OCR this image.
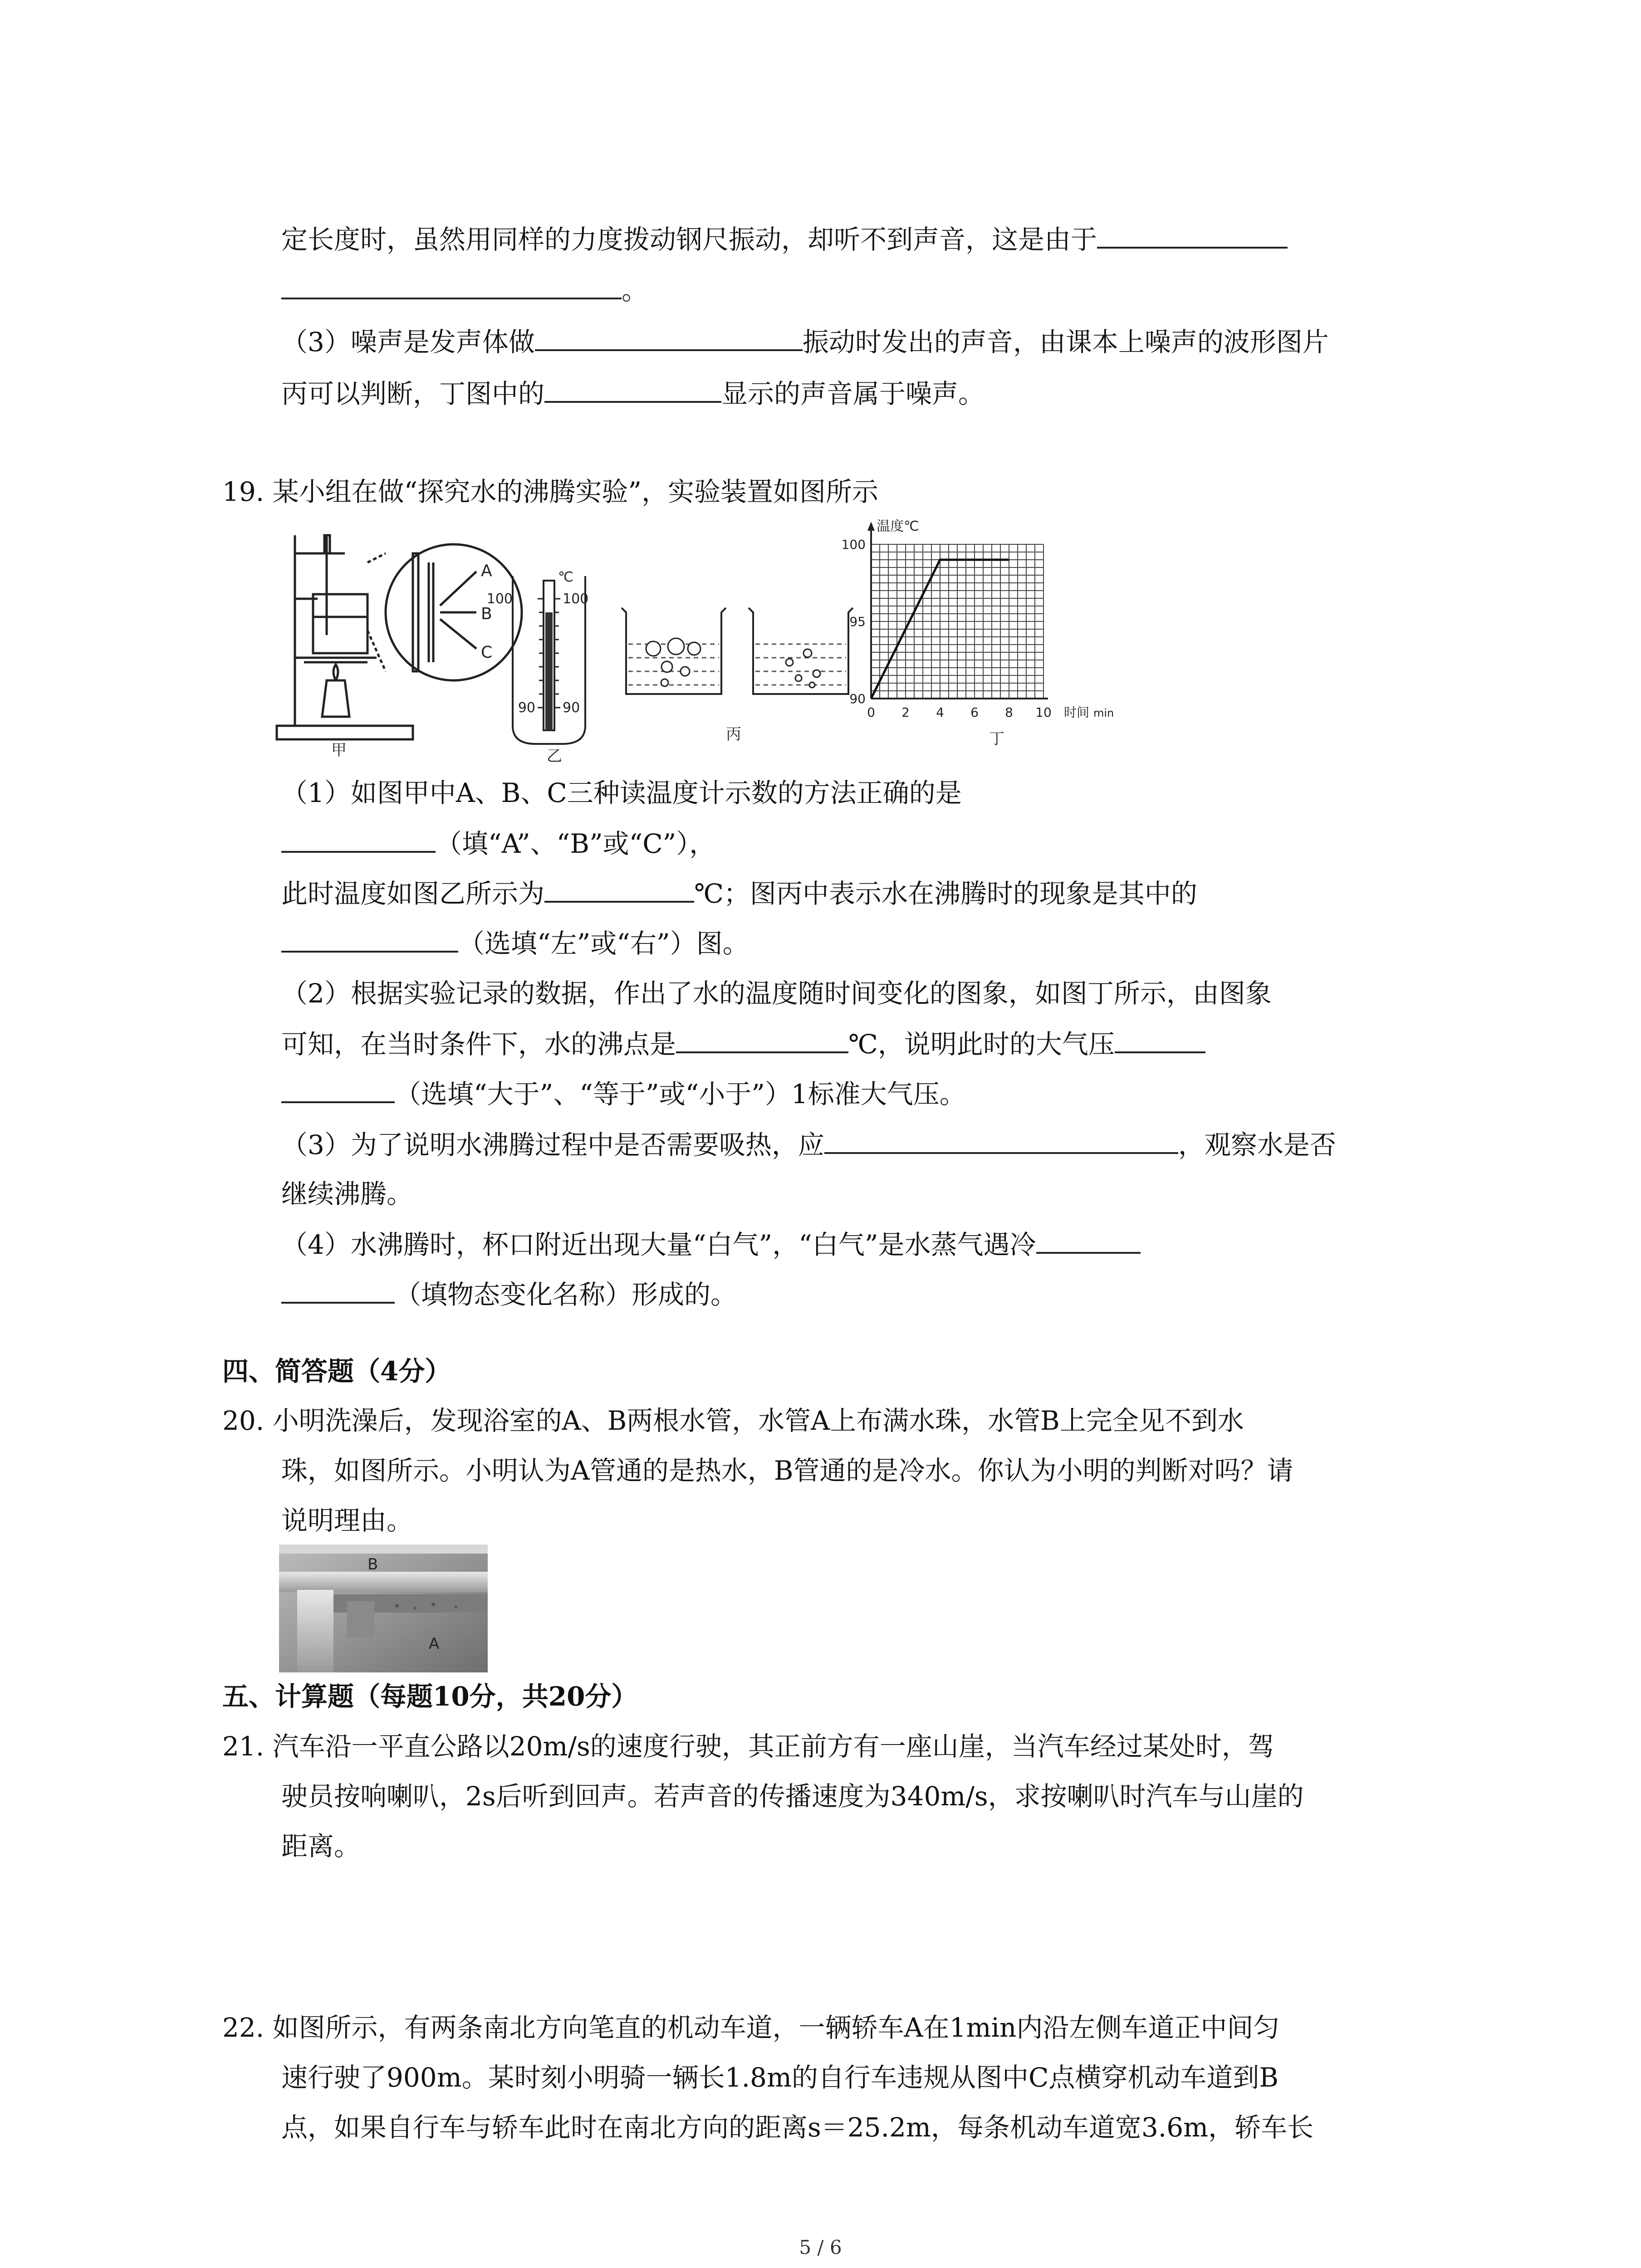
定长度时，虽然用同样的力度拨动钢尺振动，却听不到声音，这是由于
。
（3）噪声是发声体做	振动时发出的声音，由课本上噪声的波形图片
丙可以判断，丁图中的	显示的声音属于噪声。
19. 某小组在做“探究水的沸腾实验”，实验装置如图所示
A
B
C
甲
℃
100	100
90 90
乙
丙
100
95
90
0 2 4 6 8 10
温度℃
时间 min
丁
（1）如图甲中A、B、C三种读温度计示数的方法正确的是
（填“A”、“B”或“C”），
此时温度如图乙所示为	℃；图丙中表示水在沸腾时的现象是其中的
（选填“左”或“右”）图。
（2）根据实验记录的数据，作出了水的温度随时间变化的图象，如图丁所示，由图象
可知，在当时条件下，水的沸点是	℃，说明此时的大气压
（选填“大于”、“等于”或“小于”）1标准大气压。
（3）为了说明水沸腾过程中是否需要吸热，应	，观察水是否
继续沸腾。
（4）水沸腾时，杯口附近出现大量“白气”，“白气”是水蒸气遇冷
（填物态变化名称）形成的。
四、简答题（4分）
20. 小明洗澡后，发现浴室的A、B两根水管，水管A上布满水珠，水管B上完全见不到水
珠，如图所示。小明认为A管通的是热水，B管通的是冷水。你认为小明的判断对吗？请
说明理由。
B
A
五、计算题（每题10分，共20分）
21. 汽车沿一平直公路以20m/s的速度行驶，其正前方有一座山崖，当汽车经过某处时，驾
驶员按响喇叭，2s后听到回声。若声音的传播速度为340m/s，求按喇叭时汽车与山崖的
距离。
22. 如图所示，有两条南北方向笔直的机动车道，一辆轿车A在1min内沿左侧车道正中间匀
速行驶了900m。某时刻小明骑一辆长1.8m的自行车违规从图中C点横穿机动车道到B
点，如果自行车与轿车此时在南北方向的距离s＝25.2m，每条机动车道宽3.6m，轿车长
5 / 6
